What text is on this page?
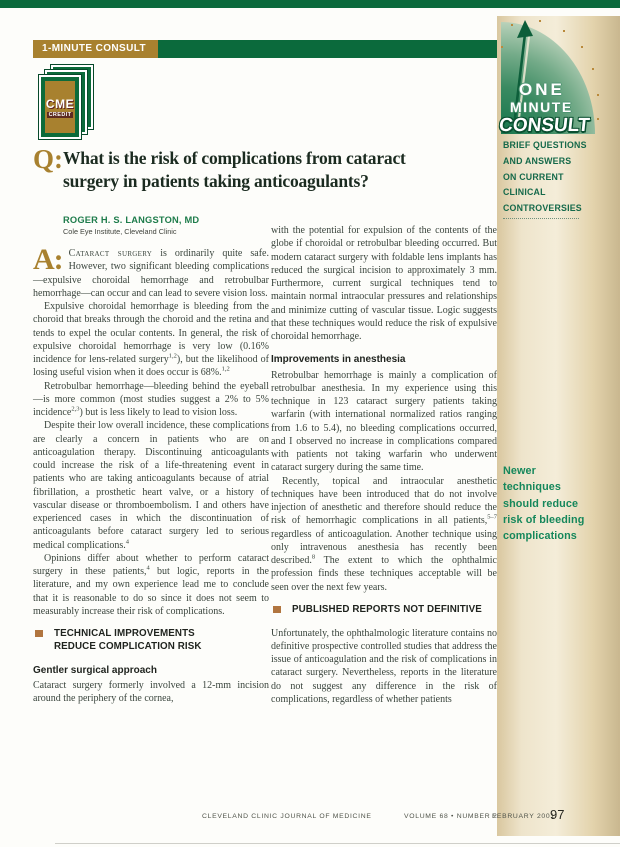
1-MINUTE CONSULT
CME
CREDIT
ONE
MINUTE
CONSULT
BRIEF QUESTIONS
AND ANSWERS
ON CURRENT
CLINICAL
CONTROVERSIES
Newer
techniques
should reduce
risk of bleeding
complications
Q: What is the risk of complications from cataract
surgery in patients taking anticoagulants?
ROGER H. S. LANGSTON, MD
Cole Eye Institute, Cleveland Clinic

A: Cataract surgery is ordinarily quite safe. However, two significant bleeding complications—expulsive choroidal hemorrhage and retrobulbar hemorrhage—can occur and can lead to severe vision loss.

Expulsive choroidal hemorrhage is bleeding from the choroid that breaks through the choroid and the retina and tends to expel the ocular contents. In general, the risk of expulsive choroidal hemorrhage is very low (0.16% incidence for lens-related surgery$^{1,2}$), but the likelihood of losing useful vision when it does occur is 68%.$^{1,2}$

Retrobulbar hemorrhage—bleeding behind the eyeball—is more common (most studies suggest a 2% to 5% incidence$^{2,3}$) but is less likely to lead to vision loss.

Despite their low overall incidence, these complications are clearly a concern in patients who are on anticoagulation therapy. Discontinuing anticoagulants could increase the risk of a life-threatening event in patients who are taking anticoagulants because of atrial fibrillation, a prosthetic heart valve, or a history of vascular disease or thromboembolism. I and others have experienced cases in which the discontinuation of anticoagulants before cataract surgery led to serious medical complications.$^4$

Opinions differ about whether to perform cataract surgery in these patients,$^4$ but logic, reports in the literature, and my own experience lead me to conclude that it is reasonable to do so since it does not seem to measurably increase their risk of complications.

TECHNICAL IMPROVEMENTS
REDUCE COMPLICATION RISK
Gentler surgical approach

Cataract surgery formerly involved a 12-mm incision around the periphery of the cornea,

with the potential for expulsion of the contents of the globe if choroidal or retrobulbar bleeding occurred. But modern cataract surgery with foldable lens implants has reduced the surgical incision to approximately 3 mm. Furthermore, current surgical techniques tend to maintain normal intraocular pressures and relationships and minimize cutting of vascular tissue. Logic suggests that these techniques would reduce the risk of expulsive choroidal hemorrhage.

Improvements in anesthesia

Retrobulbar hemorrhage is mainly a complication of retrobulbar anesthesia. In my experience using this technique in 123 cataract surgery patients taking warfarin (with international normalized ratios ranging from 1.6 to 5.4), no bleeding complications occurred, and I observed no increase in complications compared with patients not taking warfarin who underwent cataract surgery during the same time.

Recently, topical and intraocular anesthetic techniques have been introduced that do not involve injection of anesthetic and therefore should reduce the risk of hemorrhagic complications in all patients,$^{5-7}$ regardless of anticoagulation. Another technique using only intravenous anesthesia has recently been described.$^8$ The extent to which the ophthalmic profession finds these techniques acceptable will be seen over the next few years.

PUBLISHED REPORTS NOT DEFINITIVE

Unfortunately, the ophthalmologic literature contains no definitive prospective controlled studies that address the issue of anticoagulation and the risk of complications in cataract surgery. Nevertheless, reports in the literature do not suggest any difference in the risk of complications, regardless of whether patients

CLEVELAND CLINIC JOURNAL OF MEDICINE	VOLUME 68 • NUMBER 2
FEBRUARY 2001
97
